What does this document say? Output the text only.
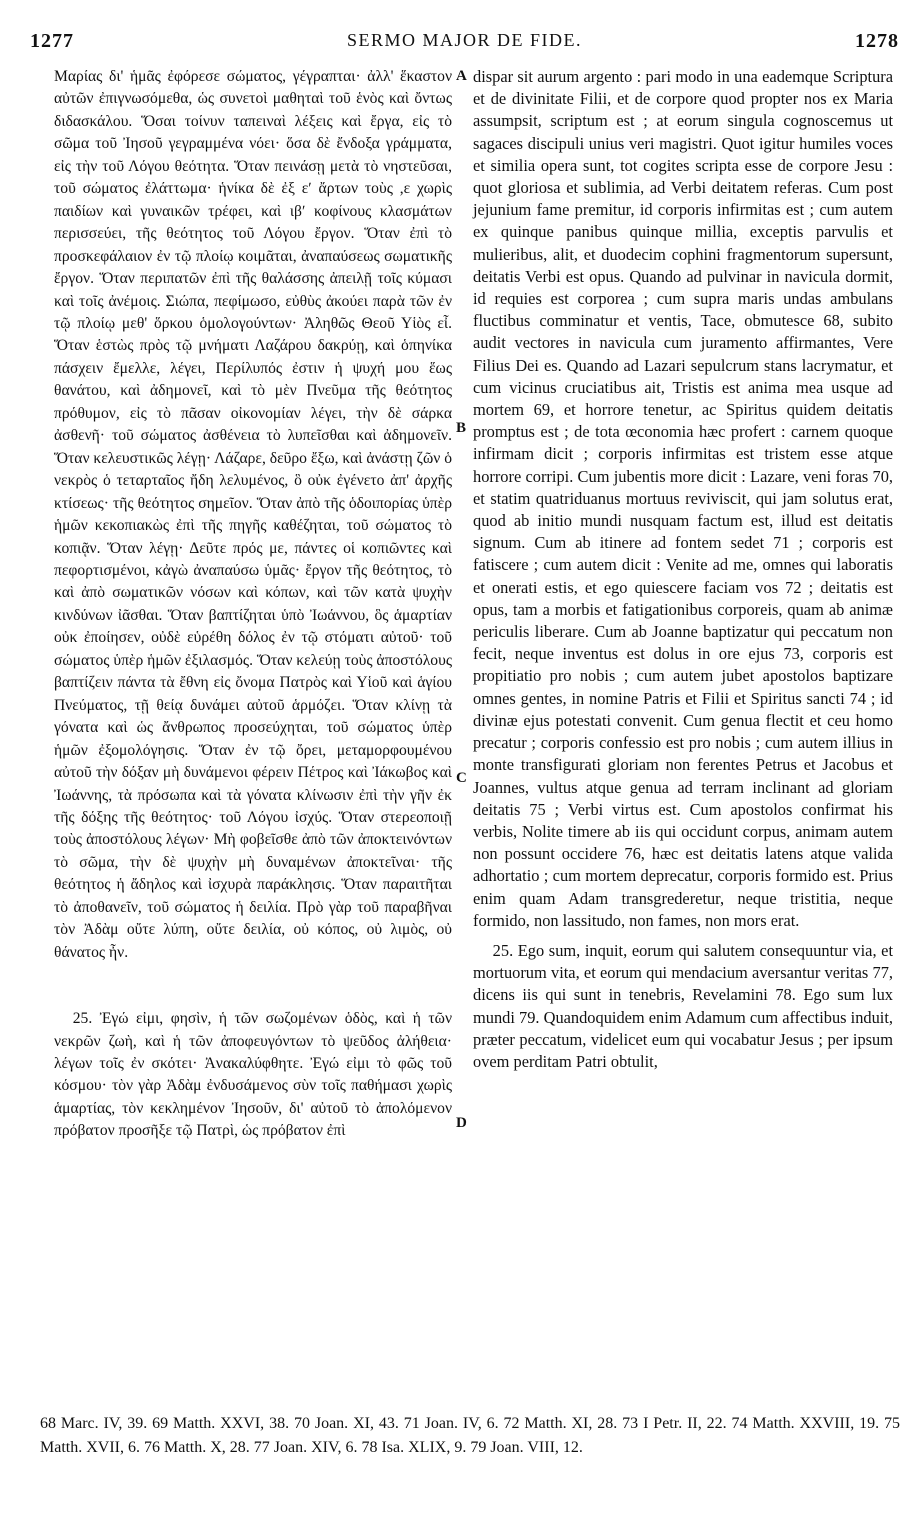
1277	SERMO MAJOR DE FIDE.	1278

Μαρίας δι' ἡμᾶς ἐφόρεσε σώματος, γέγραπται· ἀλλ' ἕκαστον αὐτῶν ἐπιγνωσόμεθα, ὡς συνετοὶ μαθηταὶ τοῦ ἑνὸς καὶ ὄντως διδασκάλου. Ὅσαι τοίνυν ταπειναὶ λέξεις καὶ ἔργα, εἰς τὸ σῶμα τοῦ Ἰησοῦ γεγραμμένα νόει· ὅσα δὲ ἔνδοξα γράμματα, εἰς τὴν τοῦ Λόγου θεότητα. Ὅταν πεινάσῃ μετὰ τὸ νηστεῦσαι, τοῦ σώματος ἐλάττωμα· ἡνίκα δὲ ἐξ εʹ ἄρτων τοὺς ,ε χωρὶς παιδίων καὶ γυναικῶν τρέφει, καὶ ιβʹ κοφίνους κλασμάτων περισσεύει, τῆς θεότητος τοῦ Λόγου ἔργον. Ὅταν ἐπὶ τὸ προσκεφάλαιον ἐν τῷ πλοίῳ κοιμᾶται, ἀναπαύσεως σωματικῆς ἔργον. Ὅταν περιπατῶν ἐπὶ τῆς θαλάσσης ἀπειλῇ τοῖς κύμασι καὶ τοῖς ἀνέμοις. Σιώπα, πεφίμωσο, εὐθὺς ἀκούει παρὰ τῶν ἐν τῷ πλοίῳ μεθ' ὅρκου ὁμολογούντων· Ἀληθῶς Θεοῦ Υἱὸς εἶ. Ὅταν ἑστὼς πρὸς τῷ μνήματι Λαζάρου δακρύῃ, καὶ ὁπηνίκα πάσχειν ἔμελλε, λέγει, Περίλυπός ἐστιν ἡ ψυχή μου ἕως θανάτου, καὶ ἀδημονεῖ, καὶ τὸ μὲν Πνεῦμα τῆς θεότητος πρόθυμον, εἰς τὸ πᾶσαν οἰκονομίαν λέγει, τὴν δὲ σάρκα ἀσθενῆ· τοῦ σώματος ἀσθένεια τὸ λυπεῖσθαι καὶ ἀδημονεῖν. Ὅταν κελευστικῶς λέγῃ· Λάζαρε, δεῦρο ἔξω, καὶ ἀνάστῃ ζῶν ὁ νεκρὸς ὁ τεταρταῖος ἤδη λελυμένος, ὃ οὐκ ἐγένετο ἀπ' ἀρχῆς κτίσεως· τῆς θεότητος σημεῖον. Ὅταν ἀπὸ τῆς ὁδοιπορίας ὑπὲρ ἡμῶν κεκοπιακὼς ἐπὶ τῆς πηγῆς καθέζηται, τοῦ σώματος τὸ κοπιᾷν. Ὅταν λέγῃ· Δεῦτε πρός με, πάντες οἱ κοπιῶντες καὶ πεφορτισμένοι, κἀγὼ ἀναπαύσω ὑμᾶς· ἔργον τῆς θεότητος, τὸ καὶ ἀπὸ σωματικῶν νόσων καὶ κόπων, καὶ τῶν κατὰ ψυχὴν κινδύνων ἰᾶσθαι. Ὅταν βαπτίζηται ὑπὸ Ἰωάννου, ὃς ἁμαρτίαν οὐκ ἐποίησεν, οὐδὲ εὑρέθη δόλος ἐν τῷ στόματι αὐτοῦ· τοῦ σώματος ὑπὲρ ἡμῶν ἐξιλασμός. Ὅταν κελεύῃ τοὺς ἀποστόλους βαπτίζειν πάντα τὰ ἔθνη εἰς ὄνομα Πατρὸς καὶ Υἱοῦ καὶ ἁγίου Πνεύματος, τῇ θείᾳ δυνάμει αὐτοῦ ἁρμόζει. Ὅταν κλίνῃ τὰ γόνατα καὶ ὡς ἄνθρωπος προσεύχηται, τοῦ σώματος ὑπὲρ ἡμῶν ἐξομολόγησις. Ὅταν ἐν τῷ ὄρει, μεταμορφουμένου αὐτοῦ τὴν δόξαν μὴ δυνάμενοι φέρειν Πέτρος καὶ Ἰάκωβος καὶ Ἰωάννης, τὰ πρόσωπα καὶ τὰ γόνατα κλίνωσιν ἐπὶ τὴν γῆν ἐκ τῆς δόξης τῆς θεότητος· τοῦ Λόγου ἰσχύς. Ὅταν στερεοποιῇ τοὺς ἀποστόλους λέγων· Μὴ φοβεῖσθε ἀπὸ τῶν ἀποκτεινόντων τὸ σῶμα, τὴν δὲ ψυχὴν μὴ δυναμένων ἀποκτεῖναι· τῆς θεότητος ἡ ἄδηλος καὶ ἰσχυρὰ παράκλησις. Ὅταν παραιτῆται τὸ ἀποθανεῖν, τοῦ σώματος ἡ δειλία. Πρὸ γὰρ τοῦ παραβῆναι τὸν Ἀδὰμ οὔτε λύπη, οὔτε δειλία, οὐ κόπος, οὐ λιμὸς, οὐ θάνατος ἦν.

25. Ἐγώ εἰμι, φησὶν, ἡ τῶν σωζομένων ὁδὸς, καὶ ἡ τῶν νεκρῶν ζωὴ, καὶ ἡ τῶν ἀποφευγόντων τὸ ψεῦδος ἀλήθεια· λέγων τοῖς ἐν σκότει· Ἀνακαλύφθητε. Ἐγώ εἰμι τὸ φῶς τοῦ κόσμου· τὸν γὰρ Ἀδὰμ ἐνδυσάμενος σὺν τοῖς παθήμασι χωρὶς ἁμαρτίας, τὸν κεκλημένον Ἰησοῦν, δι' αὐτοῦ τὸ ἀπολόμενον πρόβατον προσῆξε τῷ Πατρὶ, ὡς πρόβατον ἐπὶ

A
B
C
D

dispar sit aurum argento : pari modo in una eademque Scriptura et de divinitate Filii, et de corpore quod propter nos ex Maria assumpsit, scriptum est ; at eorum singula cognoscemus ut sagaces discipuli unius veri magistri. Quot igitur humiles voces et similia opera sunt, tot cogites scripta esse de corpore Jesu : quot gloriosa et sublimia, ad Verbi deitatem referas. Cum post jejunium fame premitur, id corporis infirmitas est ; cum autem ex quinque panibus quinque millia, exceptis parvulis et mulieribus, alit, et duodecim cophini fragmentorum supersunt, deitatis Verbi est opus. Quando ad pulvinar in navicula dormit, id requies est corporea ; cum supra maris undas ambulans fluctibus comminatur et ventis, Tace, obmutesce 68, subito audit vectores in navicula cum juramento affirmantes, Vere Filius Dei es. Quando ad Lazari sepulcrum stans lacrymatur, et cum vicinus cruciatibus ait, Tristis est anima mea usque ad mortem 69, et horrore tenetur, ac Spiritus quidem deitatis promptus est ; de tota œconomia hæc profert : carnem quoque infirmam dicit ; corporis infirmitas est tristem esse atque horrore corripi. Cum jubentis more dicit : Lazare, veni foras 70, et statim quatriduanus mortuus reviviscit, qui jam solutus erat, quod ab initio mundi nusquam factum est, illud est deitatis signum. Cum ab itinere ad fontem sedet 71 ; corporis est fatiscere ; cum autem dicit : Venite ad me, omnes qui laboratis et onerati estis, et ego quiescere faciam vos 72 ; deitatis est opus, tam a morbis et fatigationibus corporeis, quam ab animæ periculis liberare. Cum ab Joanne baptizatur qui peccatum non fecit, neque inventus est dolus in ore ejus 73, corporis est propitiatio pro nobis ; cum autem jubet apostolos baptizare omnes gentes, in nomine Patris et Filii et Spiritus sancti 74 ; id divinæ ejus potestati convenit. Cum genua flectit et ceu homo precatur ; corporis confessio est pro nobis ; cum autem illius in monte transfigurati gloriam non ferentes Petrus et Jacobus et Joannes, vultus atque genua ad terram inclinant ad gloriam deitatis 75 ; Verbi virtus est. Cum apostolos confirmat his verbis, Nolite timere ab iis qui occidunt corpus, animam autem non possunt occidere 76, hæc est deitatis latens atque valida adhortatio ; cum mortem deprecatur, corporis formido est. Prius enim quam Adam transgrederetur, neque tristitia, neque formido, non lassitudo, non fames, non mors erat.

25. Ego sum, inquit, eorum qui salutem consequuntur via, et mortuorum vita, et eorum qui mendacium aversantur veritas 77, dicens iis qui sunt in tenebris, Revelamini 78. Ego sum lux mundi 79. Quandoquidem enim Adamum cum affectibus induit, præter peccatum, videlicet eum qui vocabatur Jesus ; per ipsum ovem perditam Patri obtulit,

68 Marc. IV, 39. 69 Matth. XXVI, 38. 70 Joan. XI, 43. 71 Joan. IV, 6. 72 Matth. XI, 28. 73 I Petr. II, 22. 74 Matth. XXVIII, 19. 75 Matth. XVII, 6. 76 Matth. X, 28. 77 Joan. XIV, 6. 78 Isa. XLIX, 9. 79 Joan. VIII, 12.
